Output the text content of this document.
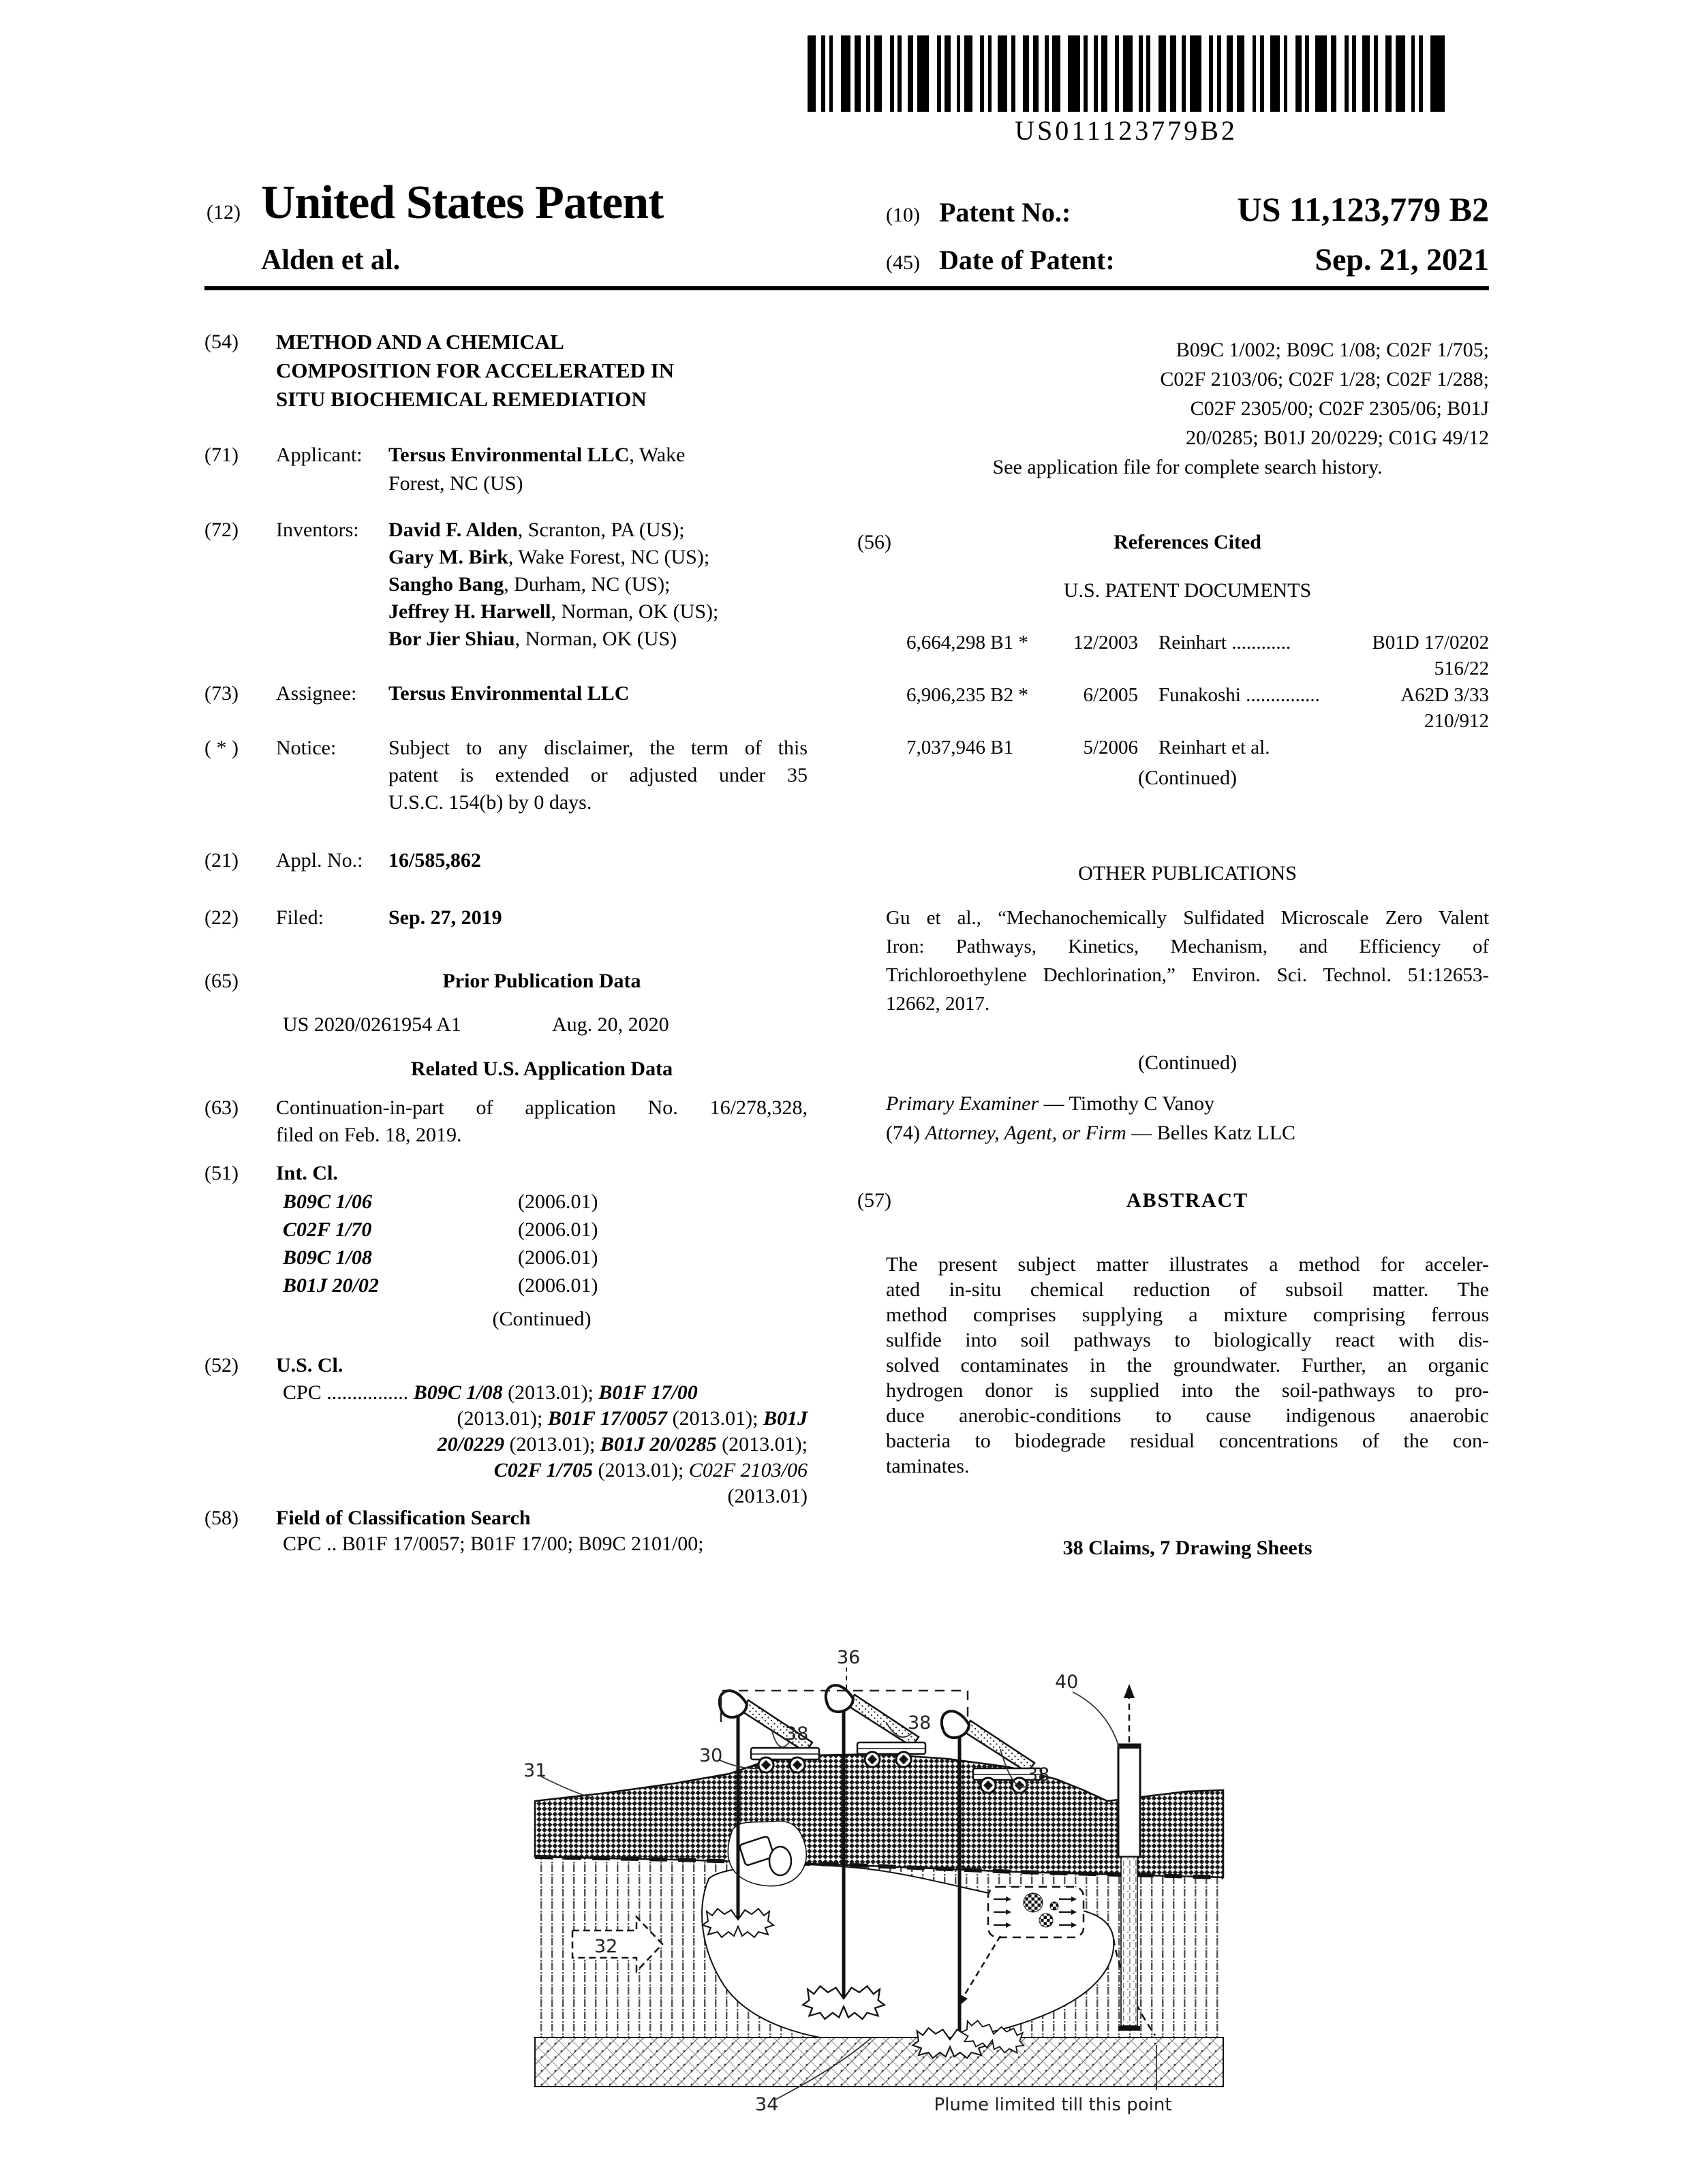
US011123779B2
(12) United States Patent
Alden et al.
(10) Patent No.:	US 11,123,779 B2
(45) Date of Patent:	Sep. 21, 2021
(54) METHOD AND A CHEMICAL
COMPOSITION FOR ACCELERATED IN
SITU BIOCHEMICAL REMEDIATION
(71) Applicant: Tersus Environmental LLC, Wake
Forest, NC (US)
(72) Inventors: David F. Alden, Scranton, PA (US);
Gary M. Birk, Wake Forest, NC (US);
Sangho Bang, Durham, NC (US);
Jeffrey H. Harwell, Norman, OK (US);
Bor Jier Shiau, Norman, OK (US)
(73) Assignee: Tersus Environmental LLC
( * ) Notice:	Subject to any disclaimer, the term of this
patent is extended or adjusted under 35
U.S.C. 154(b) by 0 days.
(21) Appl. No.: 16/585,862
(22) Filed:	Sep. 27, 2019
(65)	Prior Publication Data
US 2020/0261954 A1	Aug. 20, 2020
Related U.S. Application Data
(63) Continuation-in-part of application No. 16/278,328,
filed on Feb. 18, 2019.
(51) Int. Cl.
B09C 1/06	(2006.01)
C02F 1/70	(2006.01)
B09C 1/08	(2006.01)
B01J 20/02	(2006.01)
(Continued)
(52) U.S. Cl.
CPC ................ B09C 1/08 (2013.01); B01F 17/00
(2013.01); B01F 17/0057 (2013.01); B01J
20/0229 (2013.01); B01J 20/0285 (2013.01);
C02F 1/705 (2013.01); C02F 2103/06
(2013.01)
(58) Field of Classification Search
CPC .. B01F 17/0057; B01F 17/00; B09C 2101/00;
B09C 1/002; B09C 1/08; C02F 1/705;
C02F 2103/06; C02F 1/28; C02F 1/288;
C02F 2305/00; C02F 2305/06; B01J
20/0285; B01J 20/0229; C01G 49/12
See application file for complete search history.
(56)	References Cited
U.S. PATENT DOCUMENTS
6,664,298 B1 *	12/2003 Reinhart ............	B01D 17/0202
516/22
6,906,235 B2 *	6/2005 Funakoshi ...............	A62D 3/33
210/912
7,037,946 B1	5/2006 Reinhart et al.
(Continued)
OTHER PUBLICATIONS
Gu et al., “Mechanochemically Sulfidated Microscale Zero Valent
Iron: Pathways, Kinetics, Mechanism, and Efficiency of
Trichloroethylene Dechlorination,” Environ. Sci. Technol. 51:12653-
12662, 2017.
(Continued)
Primary Examiner — Timothy C Vanoy
(74) Attorney, Agent, or Firm — Belles Katz LLC
(57)	ABSTRACT
The present subject matter illustrates a method for acceler-
ated in-situ chemical reduction of subsoil matter. The
method comprises supplying a mixture comprising ferrous
sulfide into soil pathways to biologically react with dis-
solved contaminates in the groundwater. Further, an organic
hydrogen donor is supplied into the soil-pathways to pro-
duce anerobic-conditions to cause indigenous anaerobic
bacteria to biodegrade residual concentrations of the con-
taminates.
38 Claims, 7 Drawing Sheets
36
40
38
38
38
30
31
32
34	Plume limited till this point
